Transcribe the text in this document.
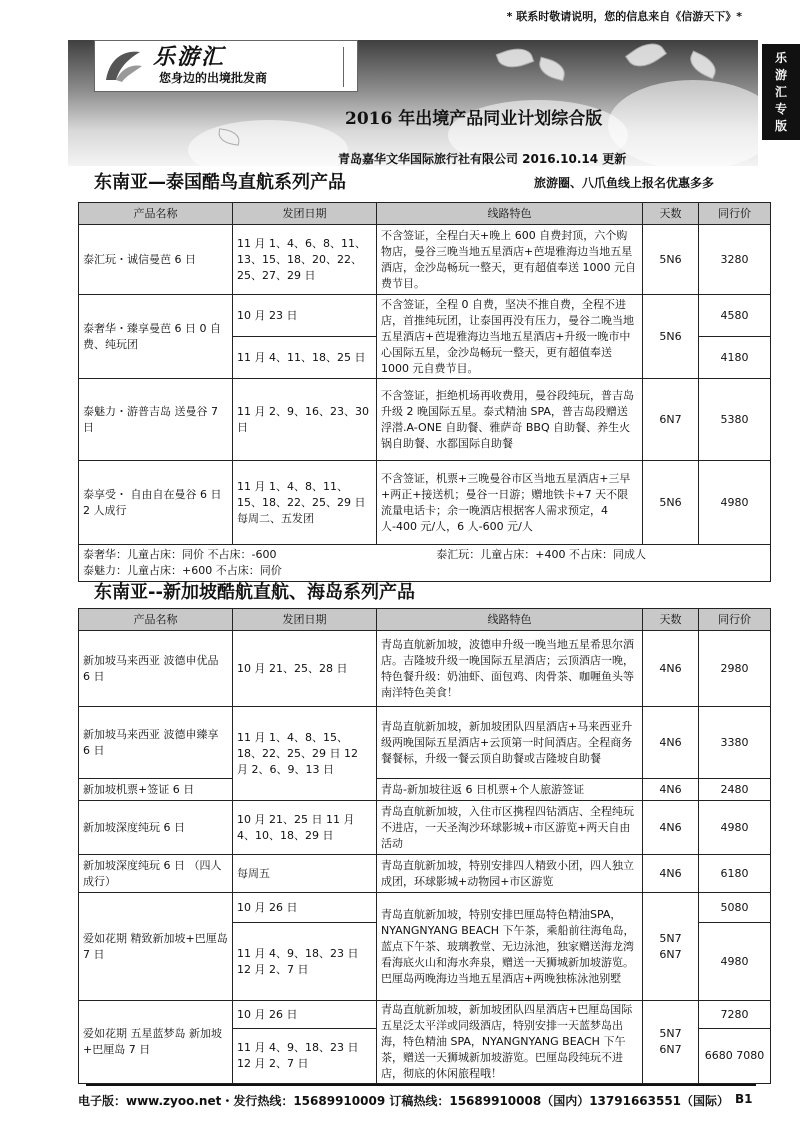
* 联系时敬请说明，您的信息来自《信游天下》*
乐
游
汇
专
版
乐游汇
您身边的出境批发商
2016 年出境产品同业计划综合版
青岛嘉华文华国际旅行社有限公司 2016.10.14 更新
东南亚—泰国酷鸟直航系列产品	旅游圈、八爪鱼线上报名优惠多多
产品名称	发团日期	线路特色	天数	同行价
泰汇玩・诚信曼芭 6 日	11 月 1、4、6、8、11、13、15、18、20、22、25、27、29 日	不含签证，全程白天+晚上 600 自费封顶，六个购物店，曼谷三晚当地五星酒店+芭堤雅海边当地五星酒店，金沙岛畅玩一整天，更有超值奉送 1000 元自费节目。	5N6	3280
泰奢华・臻享曼芭 6 日 0 自费、纯玩团	10 月 23 日	不含签证，全程 0 自费，坚决不推自费，全程不进店，首推纯玩团，让泰国再没有压力，曼谷二晚当地五星酒店+芭堤雅海边当地五星酒店+升级一晚市中心国际五星，金沙岛畅玩一整天，更有超值奉送 1000 元自费节目。	5N6	4580
	11 月 4、11、18、25 日			4180
泰魅力・游普吉岛 送曼谷 7 日	11 月 2、9、16、23、30 日	不含签证，拒绝机场再收费用，曼谷段纯玩，普吉岛升级 2 晚国际五星。泰式精油 SPA，普吉岛段赠送浮潜.A-ONE 自助餐、雅萨奇 BBQ 自助餐、养生火锅自助餐、水都国际自助餐	6N7	5380
泰享受・ 自由自在曼谷 6 日 2 人成行	11 月 1、4、8、11、15、18、22、25、29 日 每周二、五发团	不含签证，机票+三晚曼谷市区当地五星酒店+三早+两正+接送机；曼谷一日游；赠地铁卡+7 天不限流量电话卡；余一晚酒店根据客人需求预定，4 人-400 元/人，6 人-600 元/人	5N6	4980

泰奢华：儿童占床：同价 不占床：-600 泰汇玩：儿童占床：+400 不占床：同成人
泰魅力：儿童占床：+600 不占床：同价				
东南亚--新加坡酷航直航、海岛系列产品
产品名称	发团日期	线路特色	天数	同行价
新加坡马来西亚 波德申优品 6 日	10 月 21、25、28 日	青岛直航新加坡，波德申升级一晚当地五星希思尔酒店。吉隆坡升级一晚国际五星酒店；云顶酒店一晚，特色餐升级：奶油虾、面包鸡、肉骨茶、咖喱鱼头等南洋特色美食！	4N6	2980

新加坡马来西亚 波德申臻享 6 日	11 月 1、4、8、15、18、22、25、29 日 12 月 2、6、9、13 日	青岛直航新加坡，新加坡团队四星酒店+马来西亚升级两晚国际五星酒店+云顶第一时间酒店。全程商务餐餐标，升级一餐云顶自助餐或吉隆坡自助餐	4N6	3380
新加坡机票+签证 6 日		青岛-新加坡往返 6 日机票+个人旅游签证	4N6	2480
新加坡深度纯玩 6 日	10 月 21、25 日 11 月 4、10、18、29 日	青岛直航新加坡，入住市区携程四钻酒店、全程纯玩不进店，一天圣淘沙环球影城+市区游览+两天自由活动	4N6	4980
新加坡深度纯玩 6 日 （四人成行）	每周五	青岛直航新加坡，特别安排四人精致小团，四人独立成团，环球影城+动物园+市区游览	4N6	6180
爱如花期 精致新加坡+巴厘岛 7 日	10 月 26 日	青岛直航新加坡，特别安排巴厘岛特色精油SPA，NYANGNYANG BEACH 下午茶，乘船前往海龟岛，蓝点下午茶、玻璃教堂、无边泳池，独家赠送海龙湾看海底火山和海水奔泉，赠送一天狮城新加坡游览。巴厘岛两晚海边当地五星酒店+两晚独栋泳池别墅	5N7 6N7	5080
	11 月 4、9、18、23 日 12 月 2、7 日			4980
爱如花期 五星蓝梦岛 新加坡+巴厘岛 7 日	10 月 26 日	青岛直航新加坡，新加坡团队四星酒店+巴厘岛国际五星泛太平洋或同级酒店，特别安排一天蓝梦岛出海，特色精油 SPA，NYANGNYANG BEACH 下午茶，赠送一天狮城新加坡游览。巴厘岛段纯玩不进店，彻底的休闲旅程哦！	5N7 6N7	7280
	11 月 4、9、18、23 日 12 月 2、7 日			6680 7080
电子版：www.zyoo.net・发行热线：15689910009 订稿热线：15689910008（国内）13791663551（国际） B1
